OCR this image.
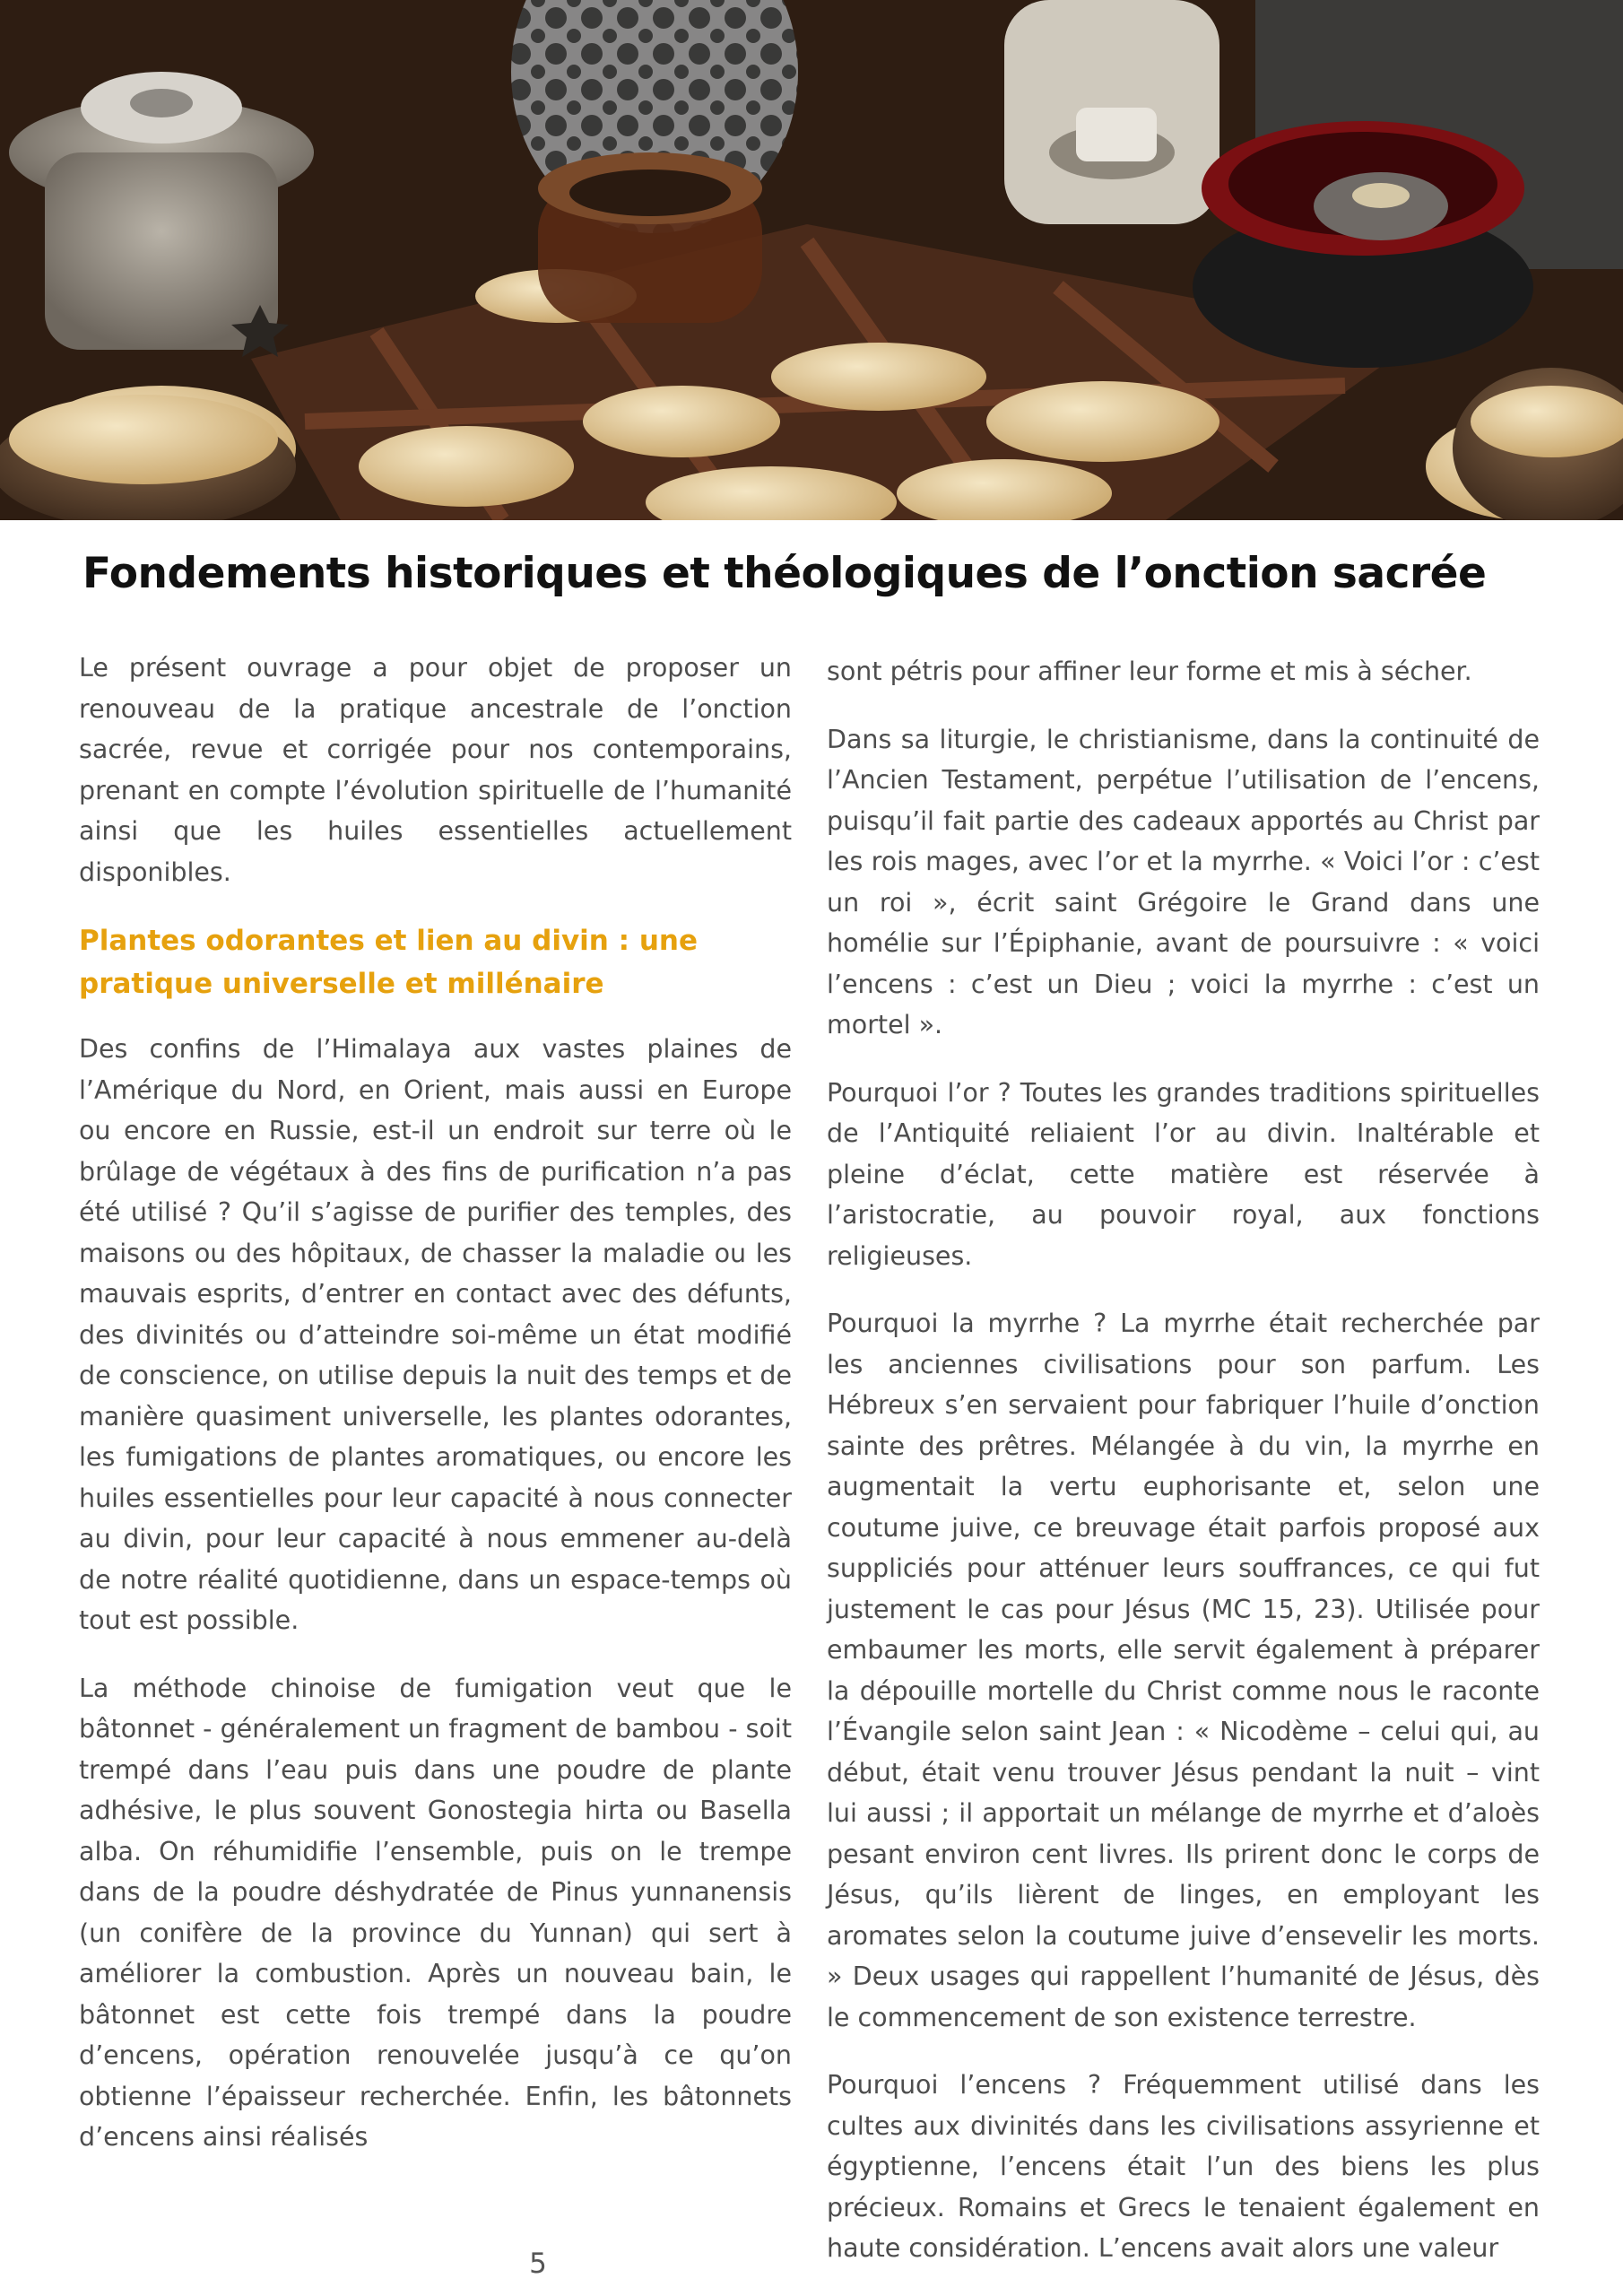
Fondements historiques et théologiques de l’onction sacrée

Le présent ouvrage a pour objet de proposer un renouveau de la pratique ancestrale de l’onction sacrée, revue et corrigée pour nos contemporains, prenant en compte l’évolution spirituelle de l’humanité ainsi que les huiles essentielles actuellement disponibles.

Plantes odorantes et lien au divin : une pratique universelle et millénaire

Des confins de l’Himalaya aux vastes plaines de l’Amérique du Nord, en Orient, mais aussi en Europe ou encore en Russie, est-il un endroit sur terre où le brûlage de végétaux à des fins de purification n’a pas été utilisé ? Qu’il s’agisse de purifier des temples, des maisons ou des hôpitaux, de chasser la maladie ou les mauvais esprits, d’entrer en contact avec des défunts, des divinités ou d’atteindre soi-même un état modifié de conscience, on utilise depuis la nuit des temps et de manière quasiment universelle, les plantes odorantes, les fumigations de plantes aromatiques, ou encore les huiles essentielles pour leur capacité à nous connecter au divin, pour leur capacité à nous emmener au-delà de notre réalité quotidienne, dans un espace-temps où tout est possible.

La méthode chinoise de fumigation veut que le bâtonnet - généralement un fragment de bambou - soit trempé dans l’eau puis dans une poudre de plante adhésive, le plus souvent Gonostegia hirta ou Basella alba. On réhumidifie l’ensemble, puis on le trempe dans de la poudre déshydratée de Pinus yunnanensis (un conifère de la province du Yunnan) qui sert à améliorer la combustion. Après un nouveau bain, le bâtonnet est cette fois trempé dans la poudre d’encens, opération renouvelée jusqu’à ce qu’on obtienne l’épaisseur recherchée. Enfin, les bâtonnets d’encens ainsi réalisés

sont pétris pour affiner leur forme et mis à sécher.

Dans sa liturgie, le christianisme, dans la continuité de l’Ancien Testament, perpétue l’utilisation de l’encens, puisqu’il fait partie des cadeaux apportés au Christ par les rois mages, avec l’or et la myrrhe. « Voici l’or : c’est un roi », écrit saint Grégoire le Grand dans une homélie sur l’Épiphanie, avant de poursuivre : « voici l’encens : c’est un Dieu ; voici la myrrhe : c’est un mortel ».

Pourquoi l’or ? Toutes les grandes traditions spirituelles de l’Antiquité reliaient l’or au divin. Inaltérable et pleine d’éclat, cette matière est réservée à l’aristocratie, au pouvoir royal, aux fonctions religieuses.

Pourquoi la myrrhe ? La myrrhe était recherchée par les anciennes civilisations pour son parfum. Les Hébreux s’en servaient pour fabriquer l’huile d’onction sainte des prêtres. Mélangée à du vin, la myrrhe en augmentait la vertu euphorisante et, selon une coutume juive, ce breuvage était parfois proposé aux suppliciés pour atténuer leurs souffrances, ce qui fut justement le cas pour Jésus (MC 15, 23). Utilisée pour embaumer les morts, elle servit également à préparer la dépouille mortelle du Christ comme nous le raconte l’Évangile selon saint Jean : « Nicodème – celui qui, au début, était venu trouver Jésus pendant la nuit – vint lui aussi ; il apportait un mélange de myrrhe et d’aloès pesant environ cent livres. Ils prirent donc le corps de Jésus, qu’ils lièrent de linges, en employant les aromates selon la coutume juive d’ensevelir les morts. » Deux usages qui rappellent l’humanité de Jésus, dès le commencement de son existence terrestre.

Pourquoi l’encens ? Fréquemment utilisé dans les cultes aux divinités dans les civilisations assyrienne et égyptienne, l’encens était l’un des biens les plus précieux. Romains et Grecs le tenaient également en haute considération. L’encens avait alors une valeur

5
